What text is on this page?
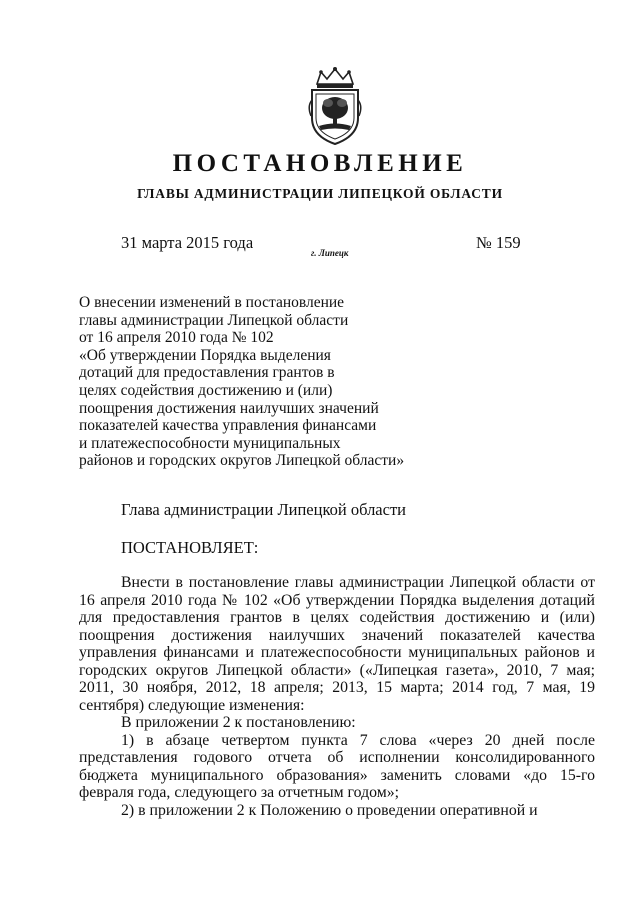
ПОСТАНОВЛЕНИЕ
ГЛАВЫ АДМИНИСТРАЦИИ ЛИПЕЦКОЙ ОБЛАСТИ
31 марта 2015 года
г. Липецк
№ 159
О внесении изменений в постановление
главы администрации Липецкой области
от 16 апреля 2010 года № 102
«Об утверждении Порядка выделения
дотаций для предоставления грантов в
целях содействия достижению и (или)
поощрения достижения наилучших значений
показателей качества управления финансами
и платежеспособности муниципальных
районов и городских округов Липецкой области»
Глава администрации Липецкой области
ПОСТАНОВЛЯЕТ:

Внести в постановление главы администрации Липецкой области от 16 апреля 2010 года № 102 «Об утверждении Порядка выделения дотаций для предоставления грантов в целях содействия достижению и (или) поощрения достижения наилучших значений показателей качества управления финансами и платежеспособности муниципальных районов и городских округов Липецкой области» («Липецкая газета», 2010, 7 мая; 2011, 30 ноября, 2012, 18 апреля; 2013, 15 марта; 2014 год, 7 мая, 19 сентября) следующие изменения:

В приложении 2 к постановлению:

1) в абзаце четвертом пункта 7 слова «через 20 дней после представления годового отчета об исполнении консолидированного бюджета муниципального образования» заменить словами «до 15-го февраля года, следующего за отчетным годом»;

2) в приложении 2 к Положению о проведении оперативной и
